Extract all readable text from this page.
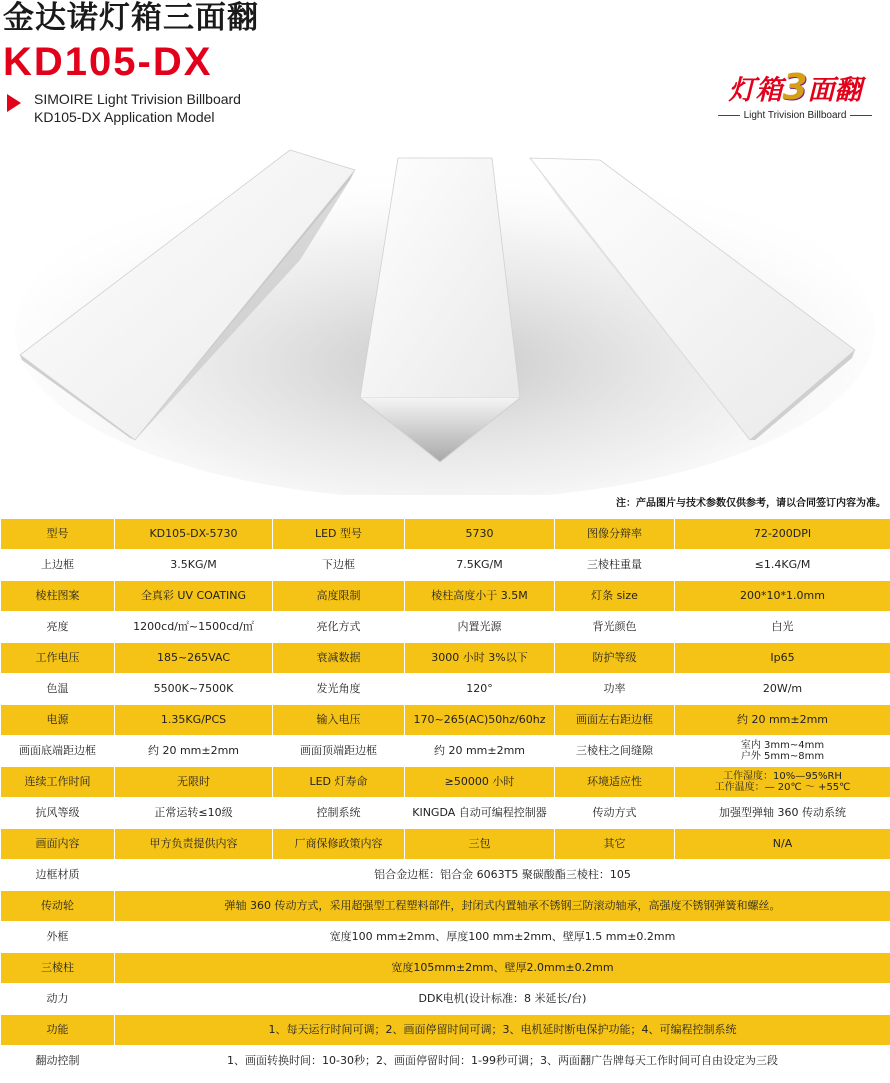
金达诺灯箱三面翻
KD105-DX
SIMOIRE Light Trivision Billboard
KD105-DX Application Model
灯箱3面翻
Light Trivision Billboard
注：产品图片与技术参数仅供参考，请以合同签订内容为准。
型号	KD105-DX-5730	LED 型号	5730	图像分辩率	72-200DPI
上边框	3.5KG/M	下边框	7.5KG/M	三棱柱重量	≤1.4KG/M
棱柱图案	全真彩 UV COATING	高度限制	棱柱高度小于 3.5M	灯条 size	200*10*1.0mm
亮度	1200cd/㎡~1500cd/㎡	亮化方式	内置光源	背光颜色	白光
工作电压	185~265VAC	衰减数据	3000 小时 3%以下	防护等级	Ip65
色温	5500K~7500K	发光角度	120°	功率	20W/m
电源	1.35KG/PCS	输入电压	170~265(AC)50hz/60hz	画面左右距边框	约 20 mm±2mm
画面底端距边框	约 20 mm±2mm	画面顶端距边框	约 20 mm±2mm	三棱柱之间缝隙	室内 3mm~4mm
户外 5mm~8mm

连续工作时间	无限时	LED 灯寿命	≥50000 小时	环境适应性	工作湿度：10%—95%RH
工作温度：— 20℃ ～ +55℃

抗风等级	正常运转≤10级	控制系统	KINGDA 自动可编程控制器	传动方式	加强型弹轴 360 传动系统
画面内容	甲方负责提供内容	厂商保修政策内容	三包	其它	N/A
边框材质	铝合金边框：铝合金 6063T5 聚碳酸酯三棱柱：105				
传动轮	弹轴 360 传动方式，采用超强型工程塑料部件，封闭式内置轴承不锈钢三防滚动轴承，高强度不锈钢弹簧和螺丝。				
外框	宽度100 mm±2mm、厚度100 mm±2mm、壁厚1.5 mm±0.2mm				
三棱柱	宽度105mm±2mm、壁厚2.0mm±0.2mm				
动力	DDK电机(设计标准：8 米延长/台)				
功能	1、每天运行时间可调；2、画面停留时间可调；3、电机延时断电保护功能；4、可编程控制系统				
翻动控制	1、画面转换时间：10-30秒；2、画面停留时间：1-99秒可调；3、两面翻广告牌每天工作时间可自由设定为三段				
